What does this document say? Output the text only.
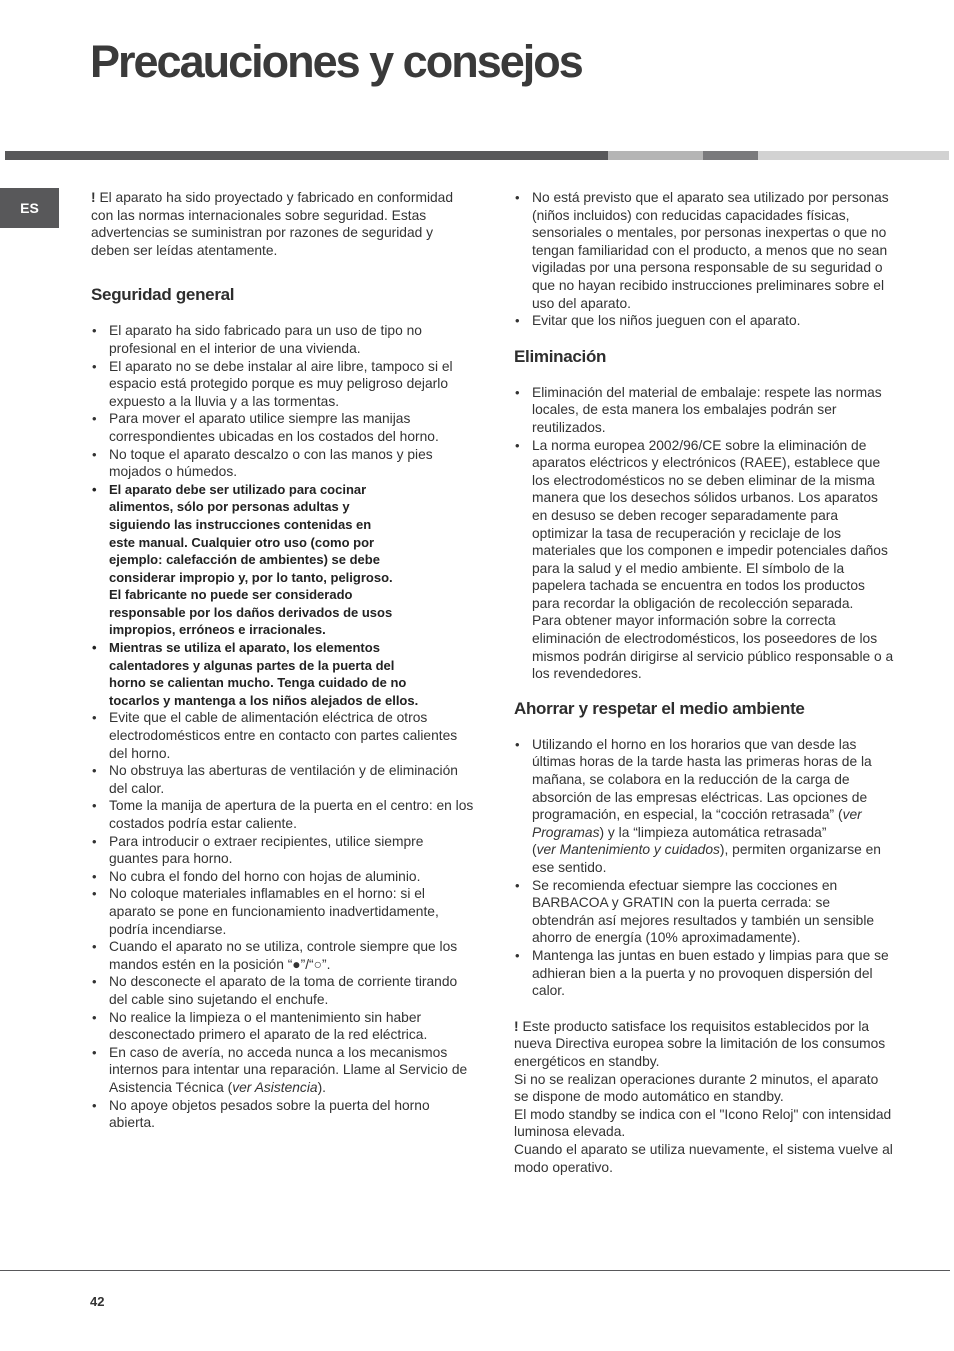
Precauciones y consejos
ES

! El aparato ha sido proyectado y fabricado en conformidad con las normas internacionales sobre seguridad. Estas advertencias se suministran por razones de seguridad y deben ser leídas atentamente.

Seguridad general
• El aparato ha sido fabricado para un uso de tipo no profesional en el interior de una vivienda.
• El aparato no se debe instalar al aire libre, tampoco si el espacio está protegido porque es muy peligroso dejarlo expuesto a la lluvia y a las tormentas.
• Para mover el aparato utilice siempre las manijas correspondientes ubicadas en los costados del horno.
• No toque el aparato descalzo o con las manos y pies mojados o húmedos.
• El aparato debe ser utilizado para cocinar alimentos, sólo por personas adultas y siguiendo las instrucciones contenidas en este manual. Cualquier otro uso (como por ejemplo: calefacción de ambientes) se debe considerar impropio y, por lo tanto, peligroso. El fabricante no puede ser considerado responsable por los daños derivados de usos impropios, erróneos e irracionales.
• Mientras se utiliza el aparato, los elementos calentadores y algunas partes de la puerta del horno se calientan mucho. Tenga cuidado de no tocarlos y mantenga a los niños alejados de ellos.
• Evite que el cable de alimentación eléctrica de otros electrodomésticos entre en contacto con partes calientes del horno.
• No obstruya las aberturas de ventilación y de eliminación del calor.
• Tome la manija de apertura de la puerta en el centro: en los costados podría estar caliente.
• Para introducir o extraer recipientes, utilice siempre guantes para horno.
• No cubra el fondo del horno con hojas de aluminio.
• No coloque materiales inflamables en el horno: si el aparato se pone en funcionamiento inadvertidamente, podría incendiarse.
• Cuando el aparato no se utiliza, controle siempre que los mandos estén en la posición “●”/“○”.
• No desconecte el aparato de la toma de corriente tirando del cable sino sujetando el enchufe.
• No realice la limpieza o el mantenimiento sin haber desconectado primero el aparato de la red eléctrica.
• En caso de avería, no acceda nunca a los mecanismos internos para intentar una reparación. Llame al Servicio de Asistencia Técnica (ver Asistencia).
• No apoye objetos pesados sobre la puerta del horno abierta.
• No está previsto que el aparato sea utilizado por personas (niños incluidos) con reducidas capacidades físicas, sensoriales o mentales, por personas inexpertas o que no tengan familiaridad con el producto, a menos que no sean vigiladas por una persona responsable de su seguridad o que no hayan recibido instrucciones preliminares sobre el uso del aparato.
• Evitar que los niños jueguen con el aparato.
Eliminación
• Eliminación del material de embalaje: respete las normas locales, de esta manera los embalajes podrán ser reutilizados.
• La norma europea 2002/96/CE sobre la eliminación de aparatos eléctricos y electrónicos (RAEE), establece que los electrodomésticos no se deben eliminar de la misma manera que los desechos sólidos urbanos. Los aparatos en desuso se deben recoger separadamente para optimizar la tasa de recuperación y reciclaje de los materiales que los componen e impedir potenciales daños para la salud y el medio ambiente. El símbolo de la papelera tachada se encuentra en todos los productos para recordar la obligación de recolección separada.
Para obtener mayor información sobre la correcta eliminación de electrodomésticos, los poseedores de los mismos podrán dirigirse al servicio público responsable o a los revendedores.
Ahorrar y respetar el medio ambiente
• Utilizando el horno en los horarios que van desde las últimas horas de la tarde hasta las primeras horas de la mañana, se colabora en la reducción de la carga de absorción de las empresas eléctricas. Las opciones de programación, en especial, la “cocción retrasada” (ver Programas) y la “limpieza automática retrasada”
(ver Mantenimiento y cuidados), permiten organizarse en ese sentido.
• Se recomienda efectuar siempre las cocciones en BARBACOA y GRATIN con la puerta cerrada: se obtendrán así mejores resultados y también un sensible ahorro de energía (10% aproximadamente).
• Mantenga las juntas en buen estado y limpias para que se adhieran bien a la puerta y no provoquen dispersión del calor.

! Este producto satisface los requisitos establecidos por la nueva Directiva europea sobre la limitación de los consumos energéticos en standby.

Si no se realizan operaciones durante 2 minutos, el aparato se dispone de modo automático en standby.

El modo standby se indica con el "Icono Reloj" con intensidad luminosa elevada.

Cuando el aparato se utiliza nuevamente, el sistema vuelve al modo operativo.

42
